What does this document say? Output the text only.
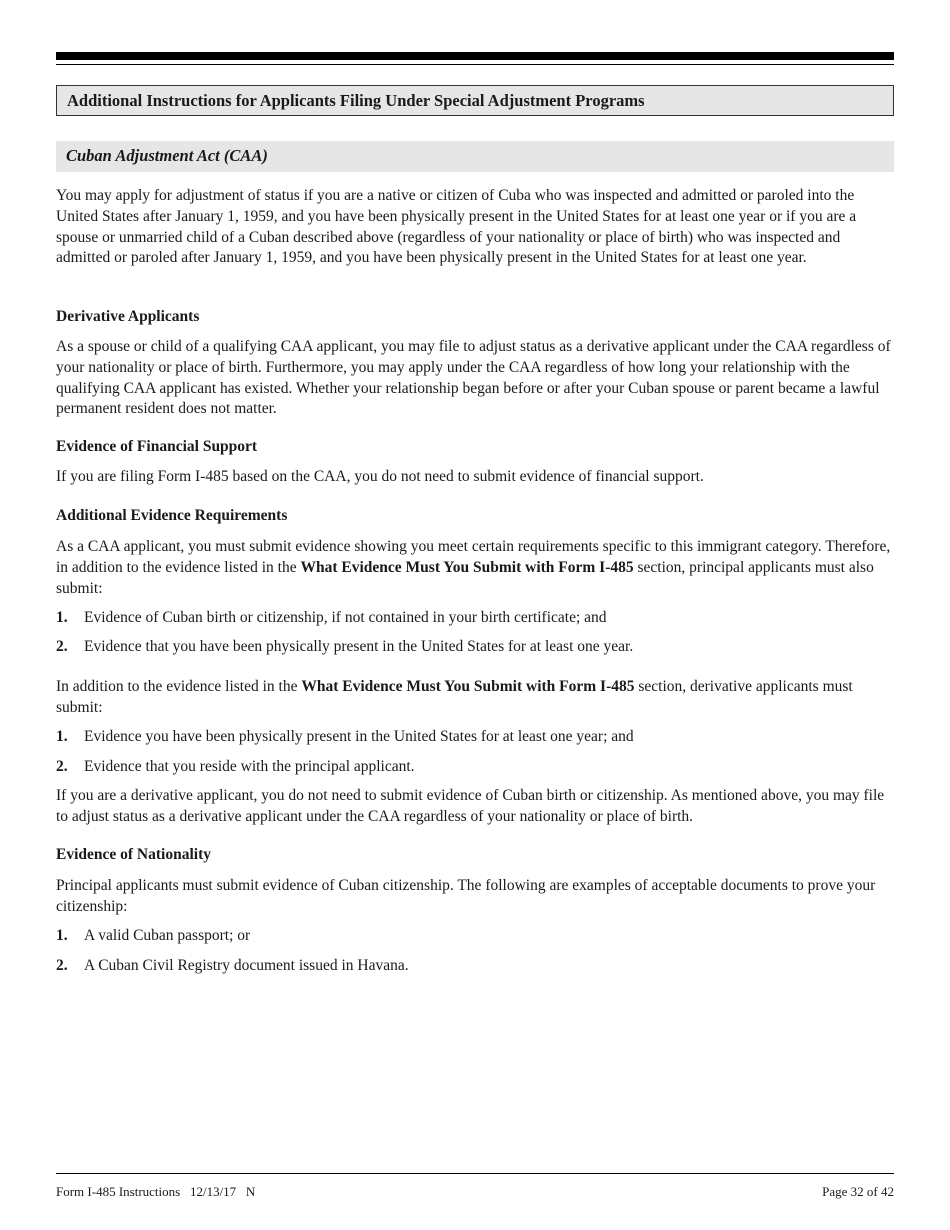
Additional Instructions for Applicants Filing Under Special Adjustment Programs
Cuban Adjustment Act (CAA)

You may apply for adjustment of status if you are a native or citizen of Cuba who was inspected and admitted or paroled into the United States after January 1, 1959, and you have been physically present in the United States for at least one year or if you are a spouse or unmarried child of a Cuban described above (regardless of your nationality or place of birth) who was inspected and admitted or paroled after January 1, 1959, and you have been physically present in the United States for at least one year.

Derivative Applicants

As a spouse or child of a qualifying CAA applicant, you may file to adjust status as a derivative applicant under the CAA regardless of your nationality or place of birth. Furthermore, you may apply under the CAA regardless of how long your relationship with the qualifying CAA applicant has existed. Whether your relationship began before or after your Cuban spouse or parent became a lawful permanent resident does not matter.

Evidence of Financial Support

If you are filing Form I-485 based on the CAA, you do not need to submit evidence of financial support.

Additional Evidence Requirements

As a CAA applicant, you must submit evidence showing you meet certain requirements specific to this immigrant category. Therefore, in addition to the evidence listed in the What Evidence Must You Submit with Form I-485 section, principal applicants must also submit:

1. Evidence of Cuban birth or citizenship, if not contained in your birth certificate; and
2. Evidence that you have been physically present in the United States for at least one year.

In addition to the evidence listed in the What Evidence Must You Submit with Form I-485 section, derivative applicants must submit:

1. Evidence you have been physically present in the United States for at least one year; and
2. Evidence that you reside with the principal applicant.

If you are a derivative applicant, you do not need to submit evidence of Cuban birth or citizenship. As mentioned above, you may file to adjust status as a derivative applicant under the CAA regardless of your nationality or place of birth.

Evidence of Nationality

Principal applicants must submit evidence of Cuban citizenship. The following are examples of acceptable documents to prove your citizenship:

1. A valid Cuban passport; or
2. A Cuban Civil Registry document issued in Havana.
Form I-485 Instructions   12/13/17   N	Page 32 of 42
